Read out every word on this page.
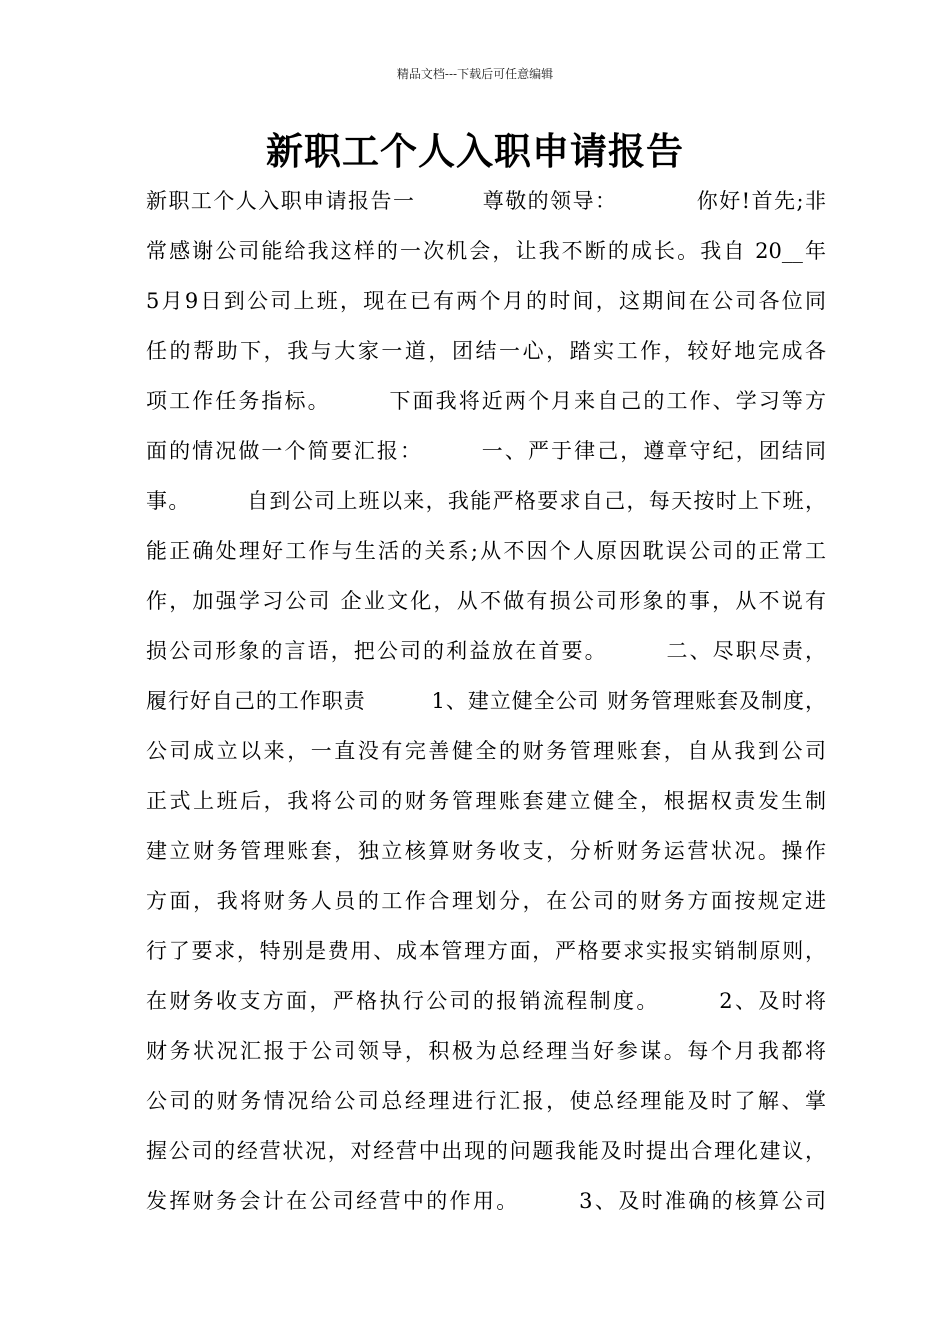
精品文档---下载后可任意编辑
新职工个人入职申请报告
新职工个人入职申请报告一　　　尊敬的领导：　　　　你好!首先;非
常感谢公司能给我这样的一次机会，让我不断的成长。我自 20__年
5月9日到公司上班，现在已有两个月的时间，这期间在公司各位同
任的帮助下，我与大家一道，团结一心，踏实工作，较好地完成各
项工作任务指标。　　　下面我将近两个月来自己的工作、学习等方
面的情况做一个简要汇报：　　　一、严于律己，遵章守纪，团结同
事。　　　自到公司上班以来，我能严格要求自己，每天按时上下班，
能正确处理好工作与生活的关系;从不因个人原因耽误公司的正常工
作，加强学习公司 企业文化，从不做有损公司形象的事，从不说有
损公司形象的言语，把公司的利益放在首要。　　　二、尽职尽责，
履行好自己的工作职责　　　1、建立健全公司 财务管理账套及制度，
公司成立以来，一直没有完善健全的财务管理账套，自从我到公司
正式上班后，我将公司的财务管理账套建立健全，根据权责发生制
建立财务管理账套，独立核算财务收支，分析财务运营状况。操作
方面，我将财务人员的工作合理划分，在公司的财务方面按规定进
行了要求，特别是费用、成本管理方面，严格要求实报实销制原则，
在财务收支方面，严格执行公司的报销流程制度。　　　2、及时将
财务状况汇报于公司领导，积极为总经理当好参谋。每个月我都将
公司的财务情况给公司总经理进行汇报，使总经理能及时了解、掌
握公司的经营状况，对经营中出现的问题我能及时提出合理化建议，
发挥财务会计在公司经营中的作用。　　　3、及时准确的核算公司
